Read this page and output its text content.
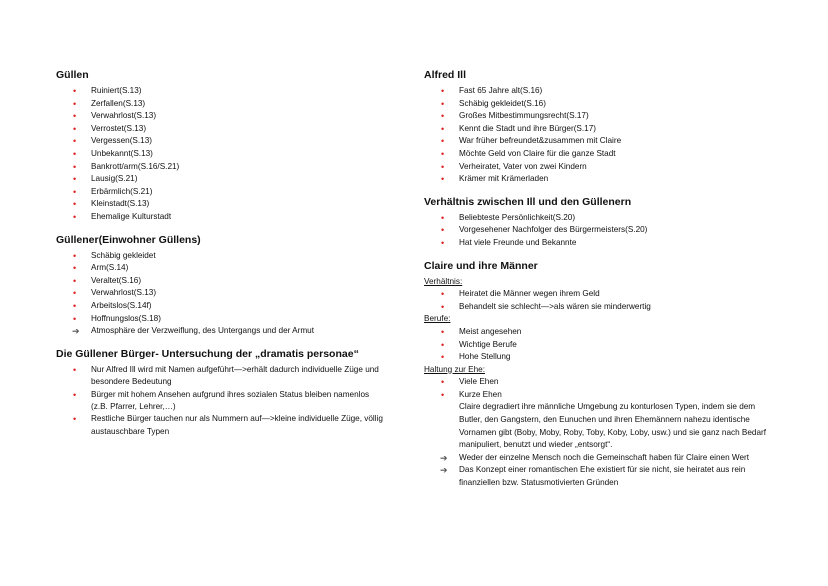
Güllen
• Ruiniert(S.13)
• Zerfallen(S.13)
• Verwahrlost(S.13)
• Verrostet(S.13)
• Vergessen(S.13)
• Unbekannt(S.13)
• Bankrott/arm(S.16/S.21)
• Lausig(S.21)
• Erbärmlich(S.21)
• Kleinstadt(S.13)
• Ehemalige Kulturstadt
Güllener(Einwohner Güllens)
• Schäbig gekleidet
• Arm(S.14)
• Veraltet(S.16)
• Verwahrlost(S.13)
• Arbeitslos(S.14f)
• Hoffnungslos(S.18)
➔ Atmosphäre der Verzweiflung, des Untergangs und der Armut
Die Güllener Bürger- Untersuchung der „dramatis personae“
• Nur Alfred Ill wird mit Namen aufgeführt—>erhält dadurch individuelle Züge und besondere Bedeutung
• Bürger mit hohem Ansehen aufgrund ihres sozialen Status bleiben namenlos (z.B. Pfarrer, Lehrer,…)
• Restliche Bürger tauchen nur als Nummern auf—>kleine individuelle Züge, völlig austauschbare Typen
Alfred Ill
• Fast 65 Jahre alt(S.16)
• Schäbig gekleidet(S.16)
• Großes Mitbestimmungsrecht(S.17)
• Kennt die Stadt und ihre Bürger(S.17)
• War früher befreundet&zusammen mit Claire
• Möchte Geld von Claire für die ganze Stadt
• Verheiratet, Vater von zwei Kindern
• Krämer mit Krämerladen
Verhältnis zwischen Ill und den Güllenern
• Beliebteste Persönlichkeit(S.20)
• Vorgesehener Nachfolger des Bürgermeisters(S.20)
• Hat viele Freunde und Bekannte
Claire und ihre Männer
Verhältnis:
• Heiratet die Männer wegen ihrem Geld
• Behandelt sie schlecht—>als wären sie minderwertig
Berufe:
• Meist angesehen
• Wichtige Berufe
• Hohe Stellung
Haltung zur Ehe:
• Viele Ehen
• Kurze Ehen
Claire degradiert ihre männliche Umgebung zu konturlosen Typen, indem sie dem Butler, den Gangstern, den Eunuchen und ihren Ehemännern nahezu identische Vornamen gibt (Boby, Moby, Roby, Toby, Koby, Loby, usw.) und sie ganz nach Bedarf manipuliert, benutzt und wieder „entsorgt“.
➔ Weder der einzelne Mensch noch die Gemeinschaft haben für Claire einen Wert
➔ Das Konzept einer romantischen Ehe existiert für sie nicht, sie heiratet aus rein finanziellen bzw. Statusmotivierten Gründen
